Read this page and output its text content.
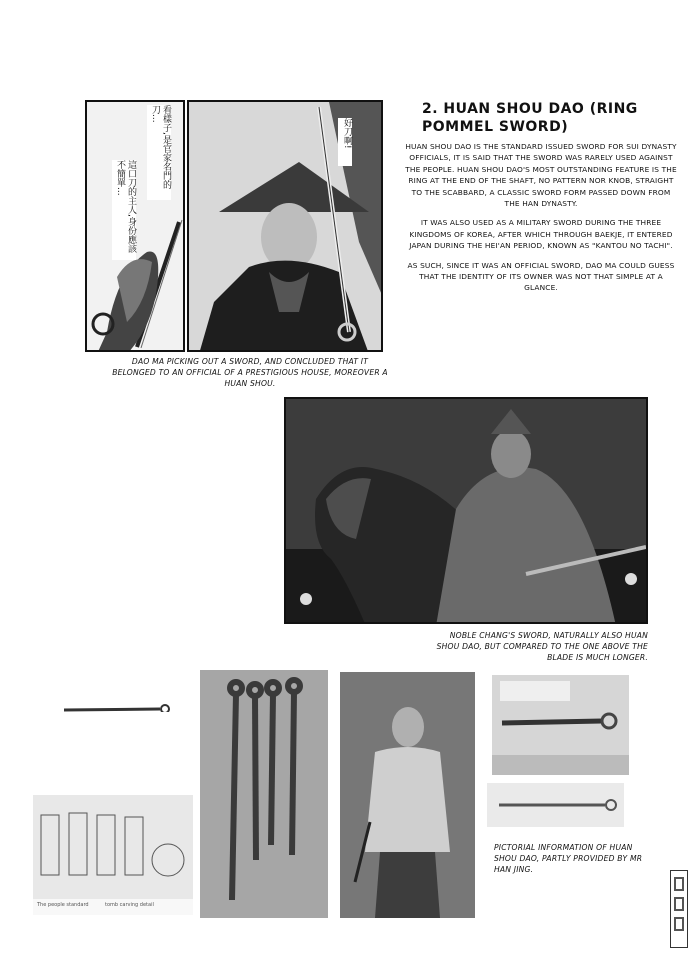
看樣子,是官家名門的刀...
這口刀的主人,身份應該不簡單...
好刀啊!
2. HUAN SHOU DAO (RING POMMEL SWORD)

HUAN SHOU DAO IS THE STANDARD ISSUED SWORD FOR SUI DYNASTY OFFICIALS, IT IS SAID THAT THE SWORD WAS RARELY USED AGAINST THE PEOPLE. HUAN SHOU DAO'S MOST OUTSTANDING FEATURE IS THE RING AT THE END OF THE SHAFT, NO PATTERN NOR KNOB, STRAIGHT TO THE SCABBARD, A CLASSIC SWORD FORM PASSED DOWN FROM THE HAN DYNASTY.

IT WAS ALSO USED AS A MILITARY SWORD DURING THE THREE KINGDOMS OF KOREA, AFTER WHICH THROUGH BAEKJE, IT ENTERED JAPAN DURING THE HEI'AN PERIOD, KNOWN AS "KANTOU NO TACHI".

AS SUCH, SINCE IT WAS AN OFFICIAL SWORD, DAO MA COULD GUESS THAT THE IDENTITY OF ITS OWNER WAS NOT THAT SIMPLE AT A GLANCE.

DAO MA PICKING OUT A SWORD, AND CONCLUDED THAT IT BELONGED TO AN OFFICIAL OF A PRESTIGIOUS HOUSE, MOREOVER A HUAN SHOU.
NOBLE CHANG'S SWORD, NATURALLY ALSO HUAN SHOU DAO, BUT COMPARED TO THE ONE ABOVE THE BLADE IS MUCH LONGER.
The people standard	tomb carving detail
PICTORIAL INFORMATION OF HUAN SHOU DAO, PARTLY PROVIDED BY MR HAN JING.
